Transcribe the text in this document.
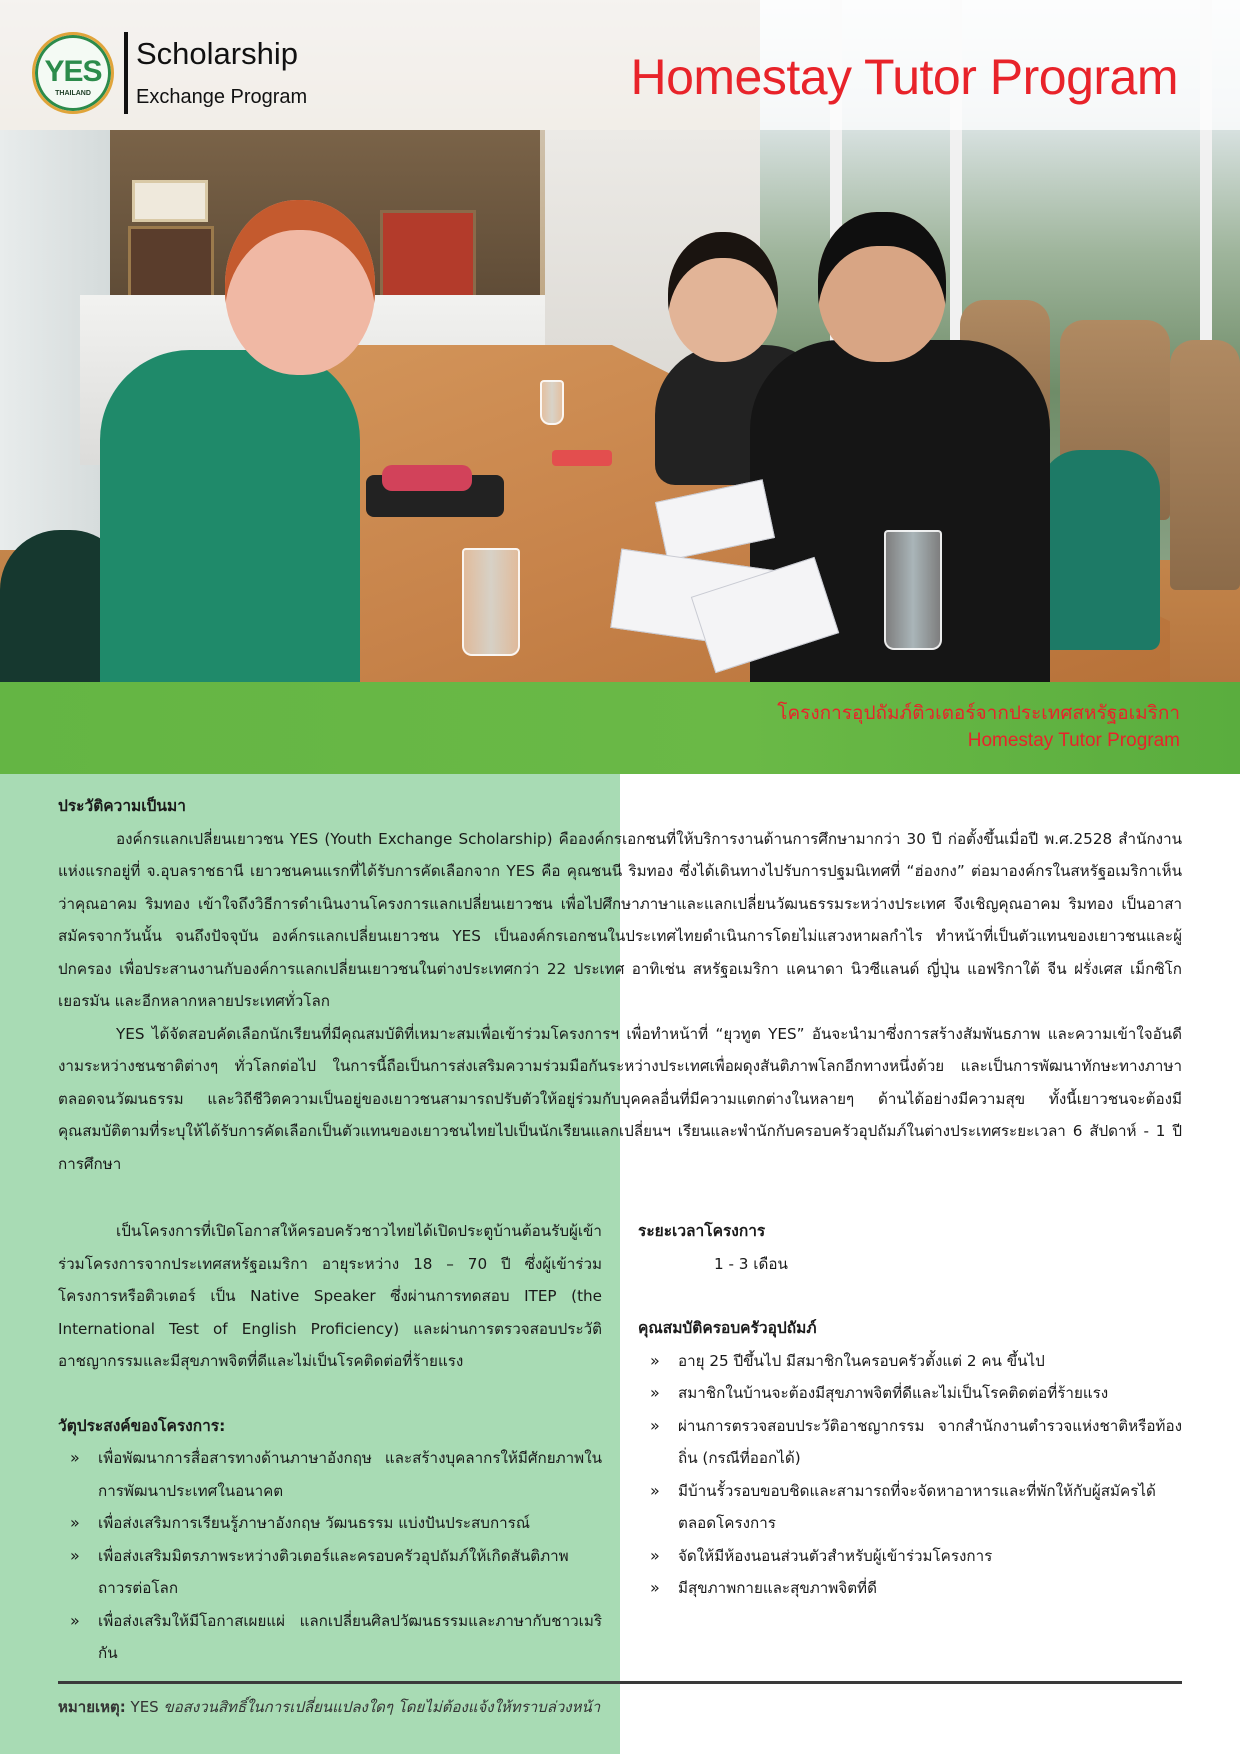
YES
THAILAND
Scholarship
Exchange Program	Homestay Tutor Program
โครงการอุปถัมภ์ติวเตอร์จากประเทศสหรัฐอเมริกา
Homestay Tutor Program
ประวัติความเป็นมา

องค์กรแลกเปลี่ยนเยาวชน YES (Youth Exchange Scholarship) คือองค์กรเอกชนที่ให้บริการงานด้านการศึกษามากว่า 30 ปี ก่อตั้งขึ้นเมื่อปี พ.ศ.2528 สำนักงานแห่งแรกอยู่ที่ จ.อุบลราชธานี เยาวชนคนแรกที่ได้รับการคัดเลือกจาก YES คือ คุณชนนี ริมทอง ซึ่งได้เดินทางไปรับการปฐมนิเทศที่ “ฮ่องกง” ต่อมาองค์กรในสหรัฐอเมริกาเห็นว่าคุณอาคม ริมทอง เข้าใจถึงวิธีการดำเนินงานโครงการแลกเปลี่ยนเยาวชน เพื่อไปศึกษาภาษาและแลกเปลี่ยนวัฒนธรรมระหว่างประเทศ จึงเชิญคุณอาคม ริมทอง เป็นอาสาสมัครจากวันนั้น จนถึงปัจจุบัน องค์กรแลกเปลี่ยนเยาวชน YES เป็นองค์กรเอกชนในประเทศไทยดำเนินการโดยไม่แสวงหาผลกำไร ทำหน้าที่เป็นตัวแทนของเยาวชนและผู้ปกครอง เพื่อประสานงานกับองค์การแลกเปลี่ยนเยาวชนในต่างประเทศกว่า 22 ประเทศ อาทิเช่น สหรัฐอเมริกา แคนาดา นิวซีแลนด์ ญี่ปุ่น แอฟริกาใต้ จีน ฝรั่งเศส เม็กซิโก เยอรมัน และอีกหลากหลายประเทศทั่วโลก

YES ได้จัดสอบคัดเลือกนักเรียนที่มีคุณสมบัติที่เหมาะสมเพื่อเข้าร่วมโครงการฯ เพื่อทำหน้าที่ “ยุวทูต YES” อันจะนำมาซึ่งการสร้างสัมพันธภาพ และความเข้าใจอันดีงามระหว่างชนชาติต่างๆ ทั่วโลกต่อไป ในการนี้ถือเป็นการส่งเสริมความร่วมมือกันระหว่างประเทศเพื่อผดุงสันติภาพโลกอีกทางหนึ่งด้วย และเป็นการพัฒนาทักษะทางภาษา ตลอดจนวัฒนธรรม และวิถีชีวิตความเป็นอยู่ของเยาวชนสามารถปรับตัวให้อยู่ร่วมกับบุคคลอื่นที่มีความแตกต่างในหลายๆ ด้านได้อย่างมีความสุข ทั้งนี้เยาวชนจะต้องมีคุณสมบัติตามที่ระบุให้ได้รับการคัดเลือกเป็นตัวแทนของเยาวชนไทยไปเป็นนักเรียนแลกเปลี่ยนฯ เรียนและพำนักกับครอบครัวอุปถัมภ์ในต่างประเทศระยะเวลา 6 สัปดาห์ - 1 ปีการศึกษา

เป็นโครงการที่เปิดโอกาสให้ครอบครัวชาวไทยได้เปิดประตูบ้านต้อนรับผู้เข้าร่วมโครงการจากประเทศสหรัฐอเมริกา อายุระหว่าง 18 – 70 ปี ซึ่งผู้เข้าร่วมโครงการหรือติวเตอร์ เป็น Native Speaker ซึ่งผ่านการทดสอบ ITEP (the International Test of English Proficiency) และผ่านการตรวจสอบประวัติอาชญากรรมและมีสุขภาพจิตที่ดีและไม่เป็นโรคติดต่อที่ร้ายแรง

วัตุประสงค์ของโครงการ:
» เพื่อพัฒนาการสื่อสารทางด้านภาษาอังกฤษ และสร้างบุคลากรให้มีศักยภาพในการพัฒนาประเทศในอนาคต
» เพื่อส่งเสริมการเรียนรู้ภาษาอังกฤษ วัฒนธรรม แบ่งปันประสบการณ์
» เพื่อส่งเสริมมิตรภาพระหว่างติวเตอร์และครอบครัวอุปถัมภ์ให้เกิดสันติภาพถาวรต่อโลก
» เพื่อส่งเสริมให้มีโอกาสเผยแผ่ แลกเปลี่ยนศิลปวัฒนธรรมและภาษากับชาวเมริกัน
ระยะเวลาโครงการ
1 - 3 เดือน
คุณสมบัติครอบครัวอุปถัมภ์
» อายุ 25 ปีขึ้นไป มีสมาชิกในครอบครัวตั้งแต่ 2 คน ขึ้นไป
» สมาชิกในบ้านจะต้องมีสุขภาพจิตที่ดีและไม่เป็นโรคติดต่อที่ร้ายแรง
» ผ่านการตรวจสอบประวัติอาชญากรรม จากสำนักงานตำรวจแห่งชาติหรือท้องถิ่น (กรณีที่ออกได้)
» มีบ้านรั้วรอบขอบชิดและสามารถที่จะจัดหาอาหารและที่พักให้กับผู้สมัครได้ตลอดโครงการ
» จัดให้มีห้องนอนส่วนตัวสำหรับผู้เข้าร่วมโครงการ
» มีสุขภาพกายและสุขภาพจิตที่ดี
หมายเหตุ: YES ขอสงวนสิทธิ์ในการเปลี่ยนแปลงใดๆ โดยไม่ต้องแจ้งให้ทราบล่วงหน้า
